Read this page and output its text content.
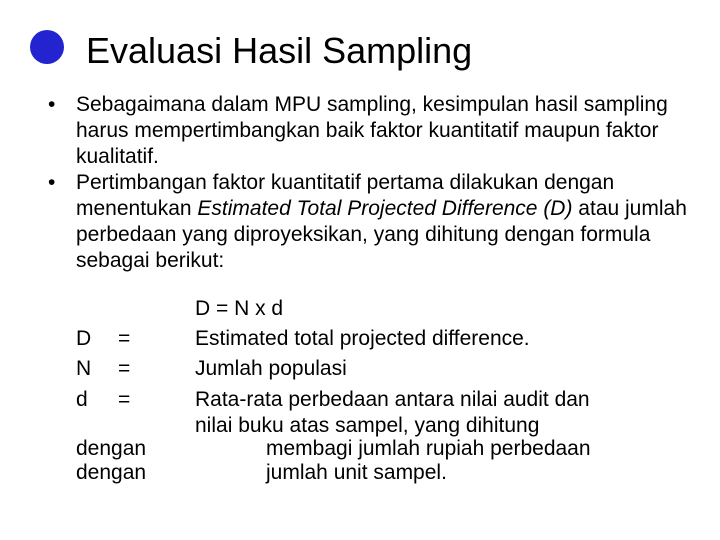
Evaluasi Hasil Sampling
• Sebagaimana dalam MPU sampling, kesimpulan hasil sampling harus mempertimbangkan baik faktor kuantitatif maupun faktor kualitatif.
• Pertimbangan faktor kuantitatif pertama dilakukan dengan menentukan Estimated Total Projected Difference (D) atau jumlah perbedaan yang diproyeksikan, yang dihitung dengan formula sebagai berikut:
D = N x d
D =	Estimated total projected difference.
N =	Jumlah populasi
d =	Rata-rata perbedaan antara nilai audit dan
nilai buku atas sampel, yang dihitung
dengan	membagi jumlah rupiah perbedaan
dengan	jumlah unit sampel.
